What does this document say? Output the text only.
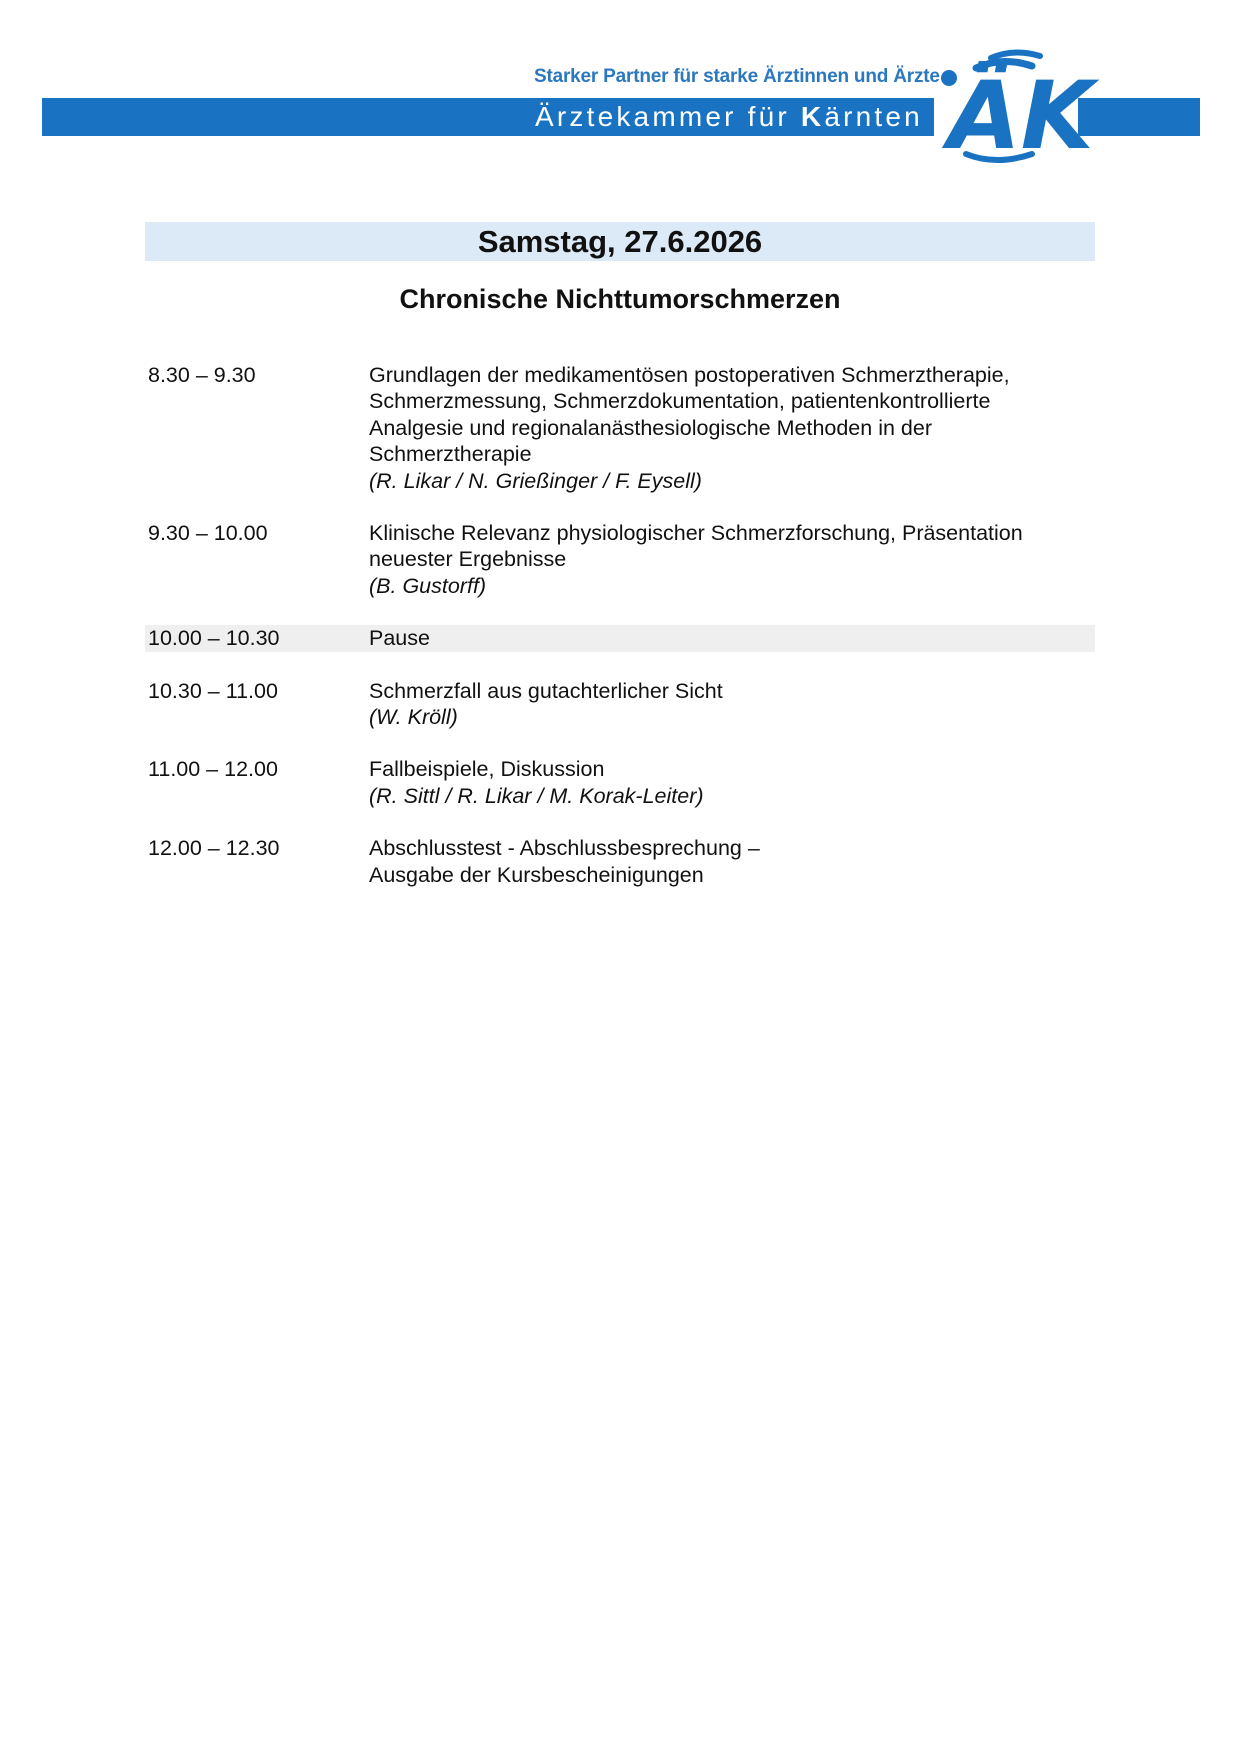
Starker Partner für starke Ärztinnen und Ärzte
Ärztekammer für Kärnten ÄK
Samstag, 27.6.2026
Chronische Nichttumorschmerzen
8.30 – 9.30	Grundlagen der medikamentösen postoperativen Schmerztherapie,
Schmerzmessung, Schmerzdokumentation, patientenkontrollierte
Analgesie und regionalanästhesiologische Methoden in der
Schmerztherapie
(R. Likar / N. Grießinger / F. Eysell)
9.30 – 10.00	Klinische Relevanz physiologischer Schmerzforschung, Präsentation
neuester Ergebnisse
(B. Gustorff)
10.00 – 10.30	Pause
10.30 – 11.00	Schmerzfall aus gutachterlicher Sicht
(W. Kröll)
11.00 – 12.00	Fallbeispiele, Diskussion
(R. Sittl / R. Likar / M. Korak-Leiter)
12.00 – 12.30	Abschlusstest - Abschlussbesprechung –
Ausgabe der Kursbescheinigungen
